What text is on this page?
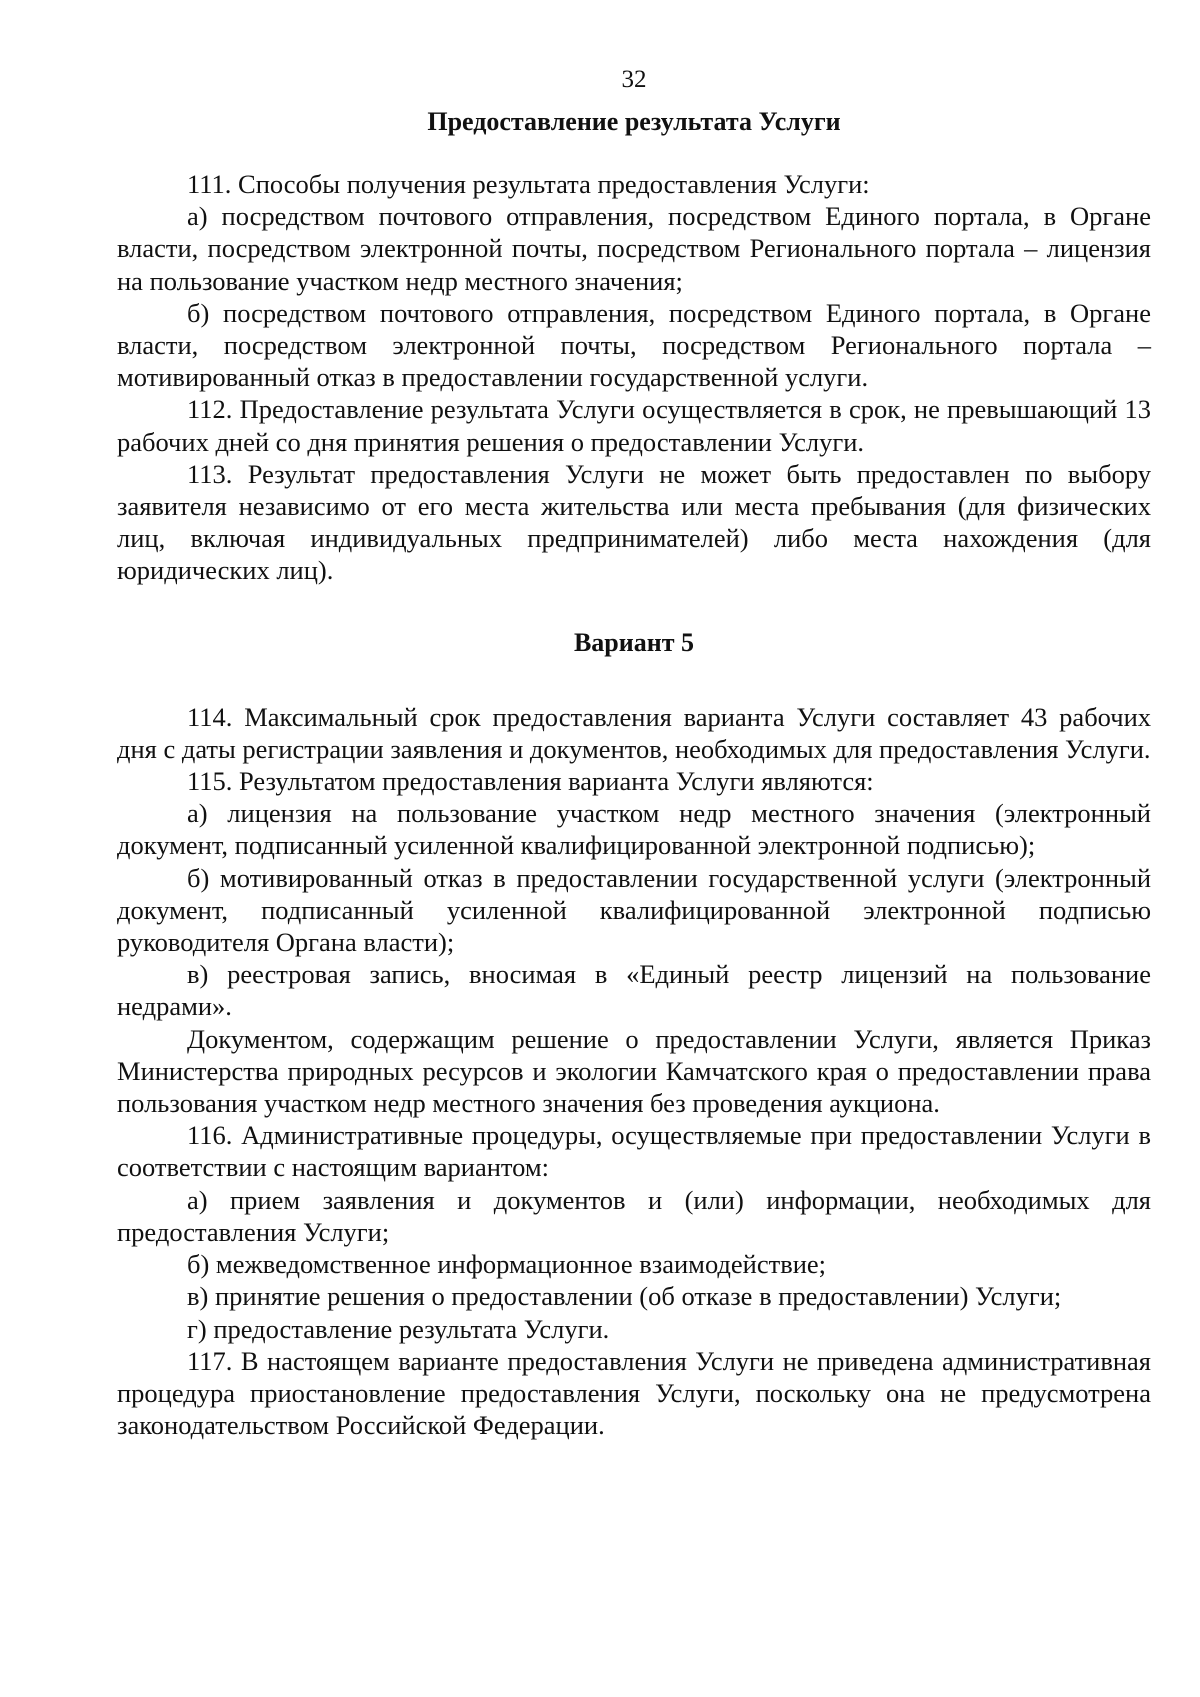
32
Предоставление результата Услуги

111. Способы получения результата предоставления Услуги:

а) посредством почтового отправления, посредством Единого портала, в Органе власти, посредством электронной почты, посредством Регионального портала – лицензия на пользование участком недр местного значения;

б) посредством почтового отправления, посредством Единого портала, в Органе власти, посредством электронной почты, посредством Регионального портала – мотивированный отказ в предоставлении государственной услуги.

112. Предоставление результата Услуги осуществляется в срок, не превышающий 13 рабочих дней со дня принятия решения о предоставлении Услуги.

113. Результат предоставления Услуги не может быть предоставлен по выбору заявителя независимо от его места жительства или места пребывания (для физических лиц, включая индивидуальных предпринимателей) либо места нахождения (для юридических лиц).

Вариант 5

114. Максимальный срок предоставления варианта Услуги составляет 43 рабочих дня с даты регистрации заявления и документов, необходимых для предоставления Услуги.

115. Результатом предоставления варианта Услуги являются:

а) лицензия на пользование участком недр местного значения (электронный документ, подписанный усиленной квалифицированной электронной подписью);

б) мотивированный отказ в предоставлении государственной услуги (электронный документ, подписанный усиленной квалифицированной электронной подписью руководителя Органа власти);

в) реестровая запись, вносимая в «Единый реестр лицензий на пользование недрами».

Документом, содержащим решение о предоставлении Услуги, является Приказ Министерства природных ресурсов и экологии Камчатского края о предоставлении права пользования участком недр местного значения без проведения аукциона.

116. Административные процедуры, осуществляемые при предоставлении Услуги в соответствии с настоящим вариантом:

а) прием заявления и документов и (или) информации, необходимых для предоставления Услуги;

б) межведомственное информационное взаимодействие;

в) принятие решения о предоставлении (об отказе в предоставлении) Услуги;

г) предоставление результата Услуги.

117. В настоящем варианте предоставления Услуги не приведена административная процедура приостановление предоставления Услуги, поскольку она не предусмотрена законодательством Российской Федерации.
